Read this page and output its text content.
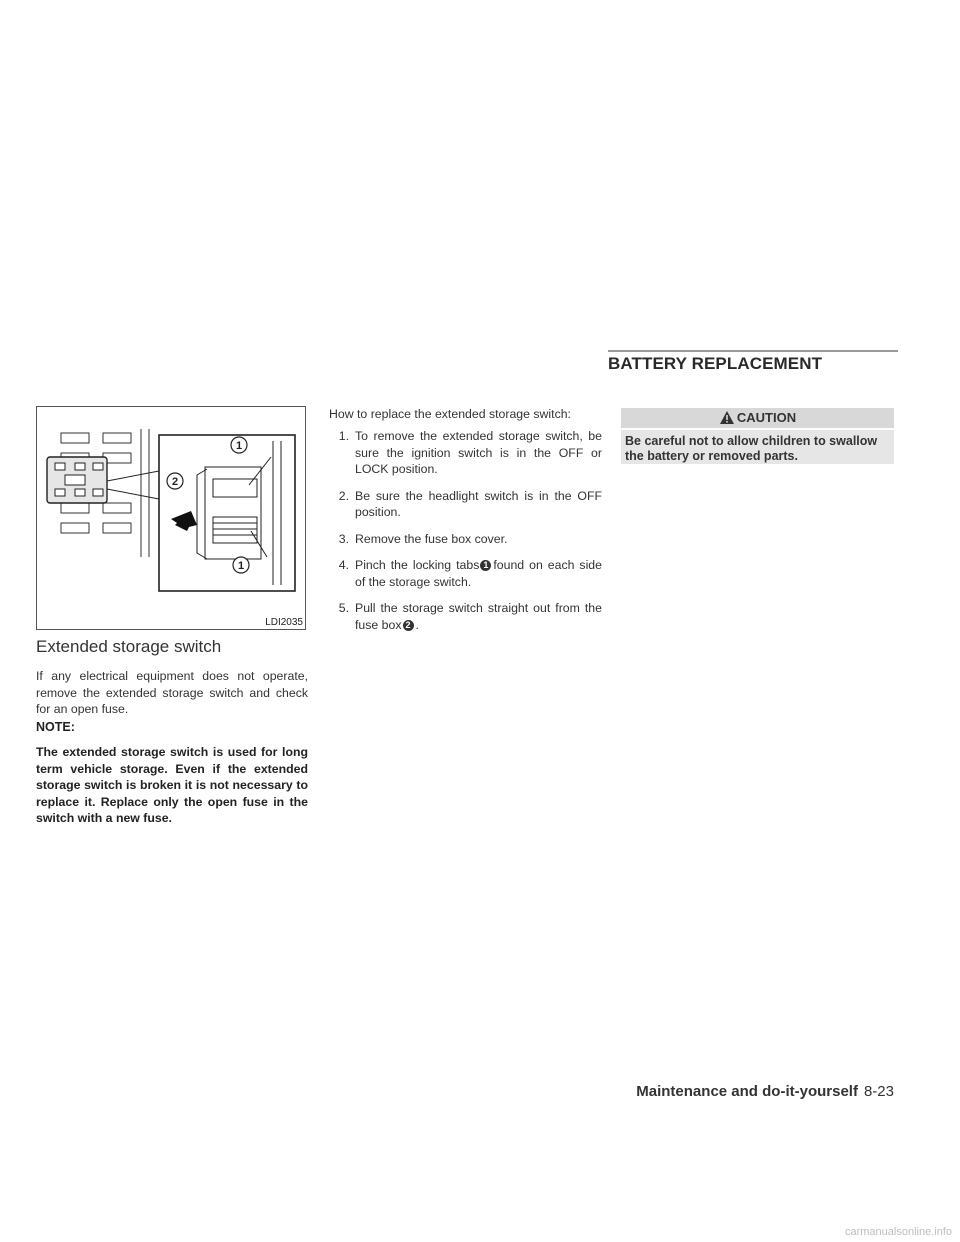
BATTERY REPLACEMENT
1
1
2
LDI2035
Extended storage switch
If any electrical equipment does not operate, remove the extended storage switch and check for an open fuse.
NOTE:
The extended storage switch is used for long term vehicle storage. Even if the extended storage switch is broken it is not necessary to replace it. Replace only the open fuse in the switch with a new fuse.
How to replace the extended storage switch:
1. To remove the extended storage switch, be sure the ignition switch is in the OFF or LOCK position.
2. Be sure the headlight switch is in the OFF position.
3. Remove the fuse box cover.
4. Pinch the locking tabs 1 found on each side of the storage switch.
5. Pull the storage switch straight out from the fuse box 2 .
CAUTION
Be careful not to allow children to swallow the battery or removed parts.
Maintenance and do-it-yourself 8-23
carmanualsonline.info
